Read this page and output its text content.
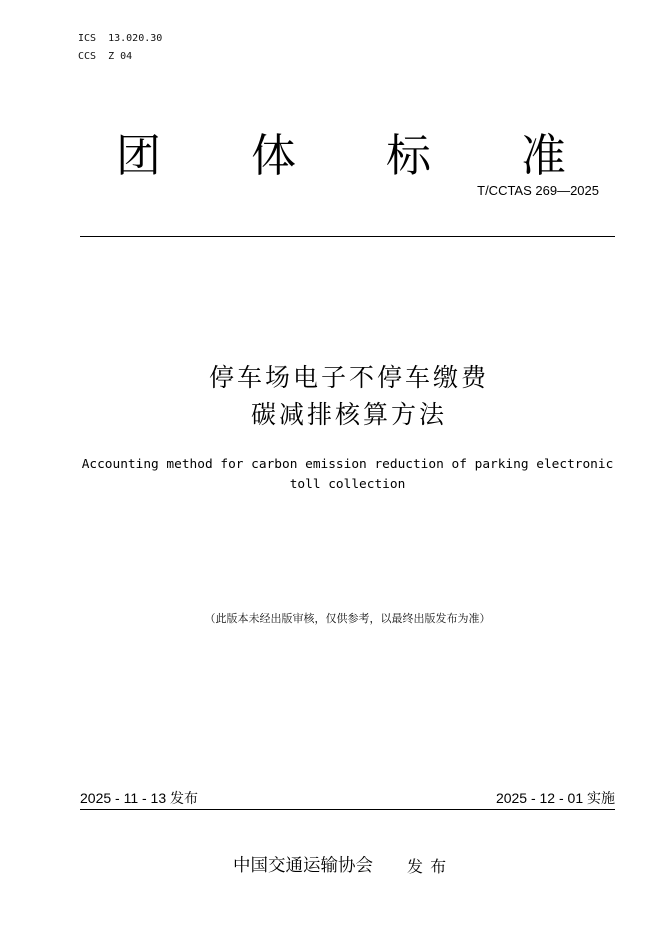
ICS  13.020.30
CCS  Z 04
团体标准
T/CCTAS 269—2025
停车场电子不停车缴费
碳减排核算方法
Accounting method for carbon emission reduction of parking electronic
toll collection
（此版本未经出版审核，仅供参考，以最终出版发布为准）
2025 - 11 - 13 发布	2025 - 12 - 01 实施
中国交通运输协会 发 布
